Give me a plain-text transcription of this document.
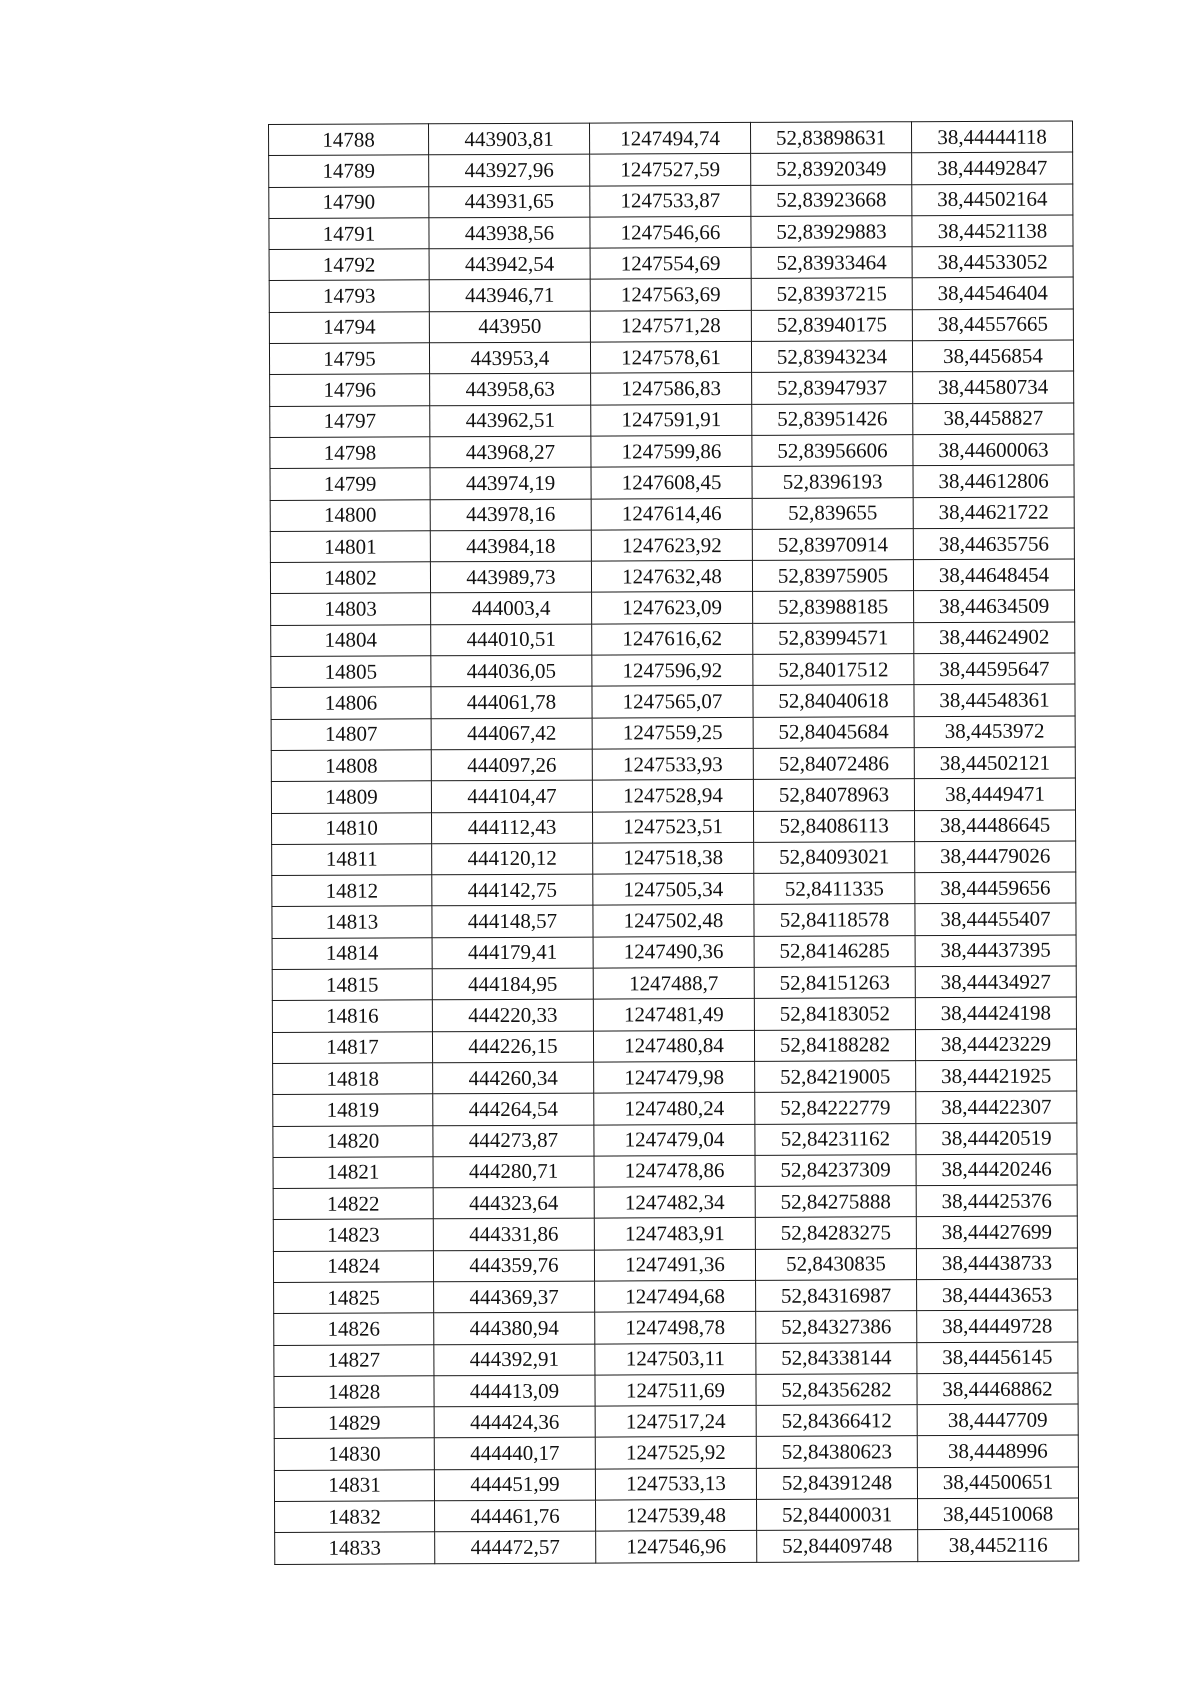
14788	443903,81	1247494,74	52,83898631	38,44444118
14789	443927,96	1247527,59	52,83920349	38,44492847
14790	443931,65	1247533,87	52,83923668	38,44502164
14791	443938,56	1247546,66	52,83929883	38,44521138
14792	443942,54	1247554,69	52,83933464	38,44533052
14793	443946,71	1247563,69	52,83937215	38,44546404
14794	443950	1247571,28	52,83940175	38,44557665
14795	443953,4	1247578,61	52,83943234	38,4456854
14796	443958,63	1247586,83	52,83947937	38,44580734
14797	443962,51	1247591,91	52,83951426	38,4458827
14798	443968,27	1247599,86	52,83956606	38,44600063
14799	443974,19	1247608,45	52,8396193	38,44612806
14800	443978,16	1247614,46	52,839655	38,44621722
14801	443984,18	1247623,92	52,83970914	38,44635756
14802	443989,73	1247632,48	52,83975905	38,44648454
14803	444003,4	1247623,09	52,83988185	38,44634509
14804	444010,51	1247616,62	52,83994571	38,44624902
14805	444036,05	1247596,92	52,84017512	38,44595647
14806	444061,78	1247565,07	52,84040618	38,44548361
14807	444067,42	1247559,25	52,84045684	38,4453972
14808	444097,26	1247533,93	52,84072486	38,44502121
14809	444104,47	1247528,94	52,84078963	38,4449471
14810	444112,43	1247523,51	52,84086113	38,44486645
14811	444120,12	1247518,38	52,84093021	38,44479026
14812	444142,75	1247505,34	52,8411335	38,44459656
14813	444148,57	1247502,48	52,84118578	38,44455407
14814	444179,41	1247490,36	52,84146285	38,44437395
14815	444184,95	1247488,7	52,84151263	38,44434927
14816	444220,33	1247481,49	52,84183052	38,44424198
14817	444226,15	1247480,84	52,84188282	38,44423229
14818	444260,34	1247479,98	52,84219005	38,44421925
14819	444264,54	1247480,24	52,84222779	38,44422307
14820	444273,87	1247479,04	52,84231162	38,44420519
14821	444280,71	1247478,86	52,84237309	38,44420246
14822	444323,64	1247482,34	52,84275888	38,44425376
14823	444331,86	1247483,91	52,84283275	38,44427699
14824	444359,76	1247491,36	52,8430835	38,44438733
14825	444369,37	1247494,68	52,84316987	38,44443653
14826	444380,94	1247498,78	52,84327386	38,44449728
14827	444392,91	1247503,11	52,84338144	38,44456145
14828	444413,09	1247511,69	52,84356282	38,44468862
14829	444424,36	1247517,24	52,84366412	38,4447709
14830	444440,17	1247525,92	52,84380623	38,4448996
14831	444451,99	1247533,13	52,84391248	38,44500651
14832	444461,76	1247539,48	52,84400031	38,44510068
14833	444472,57	1247546,96	52,84409748	38,4452116
